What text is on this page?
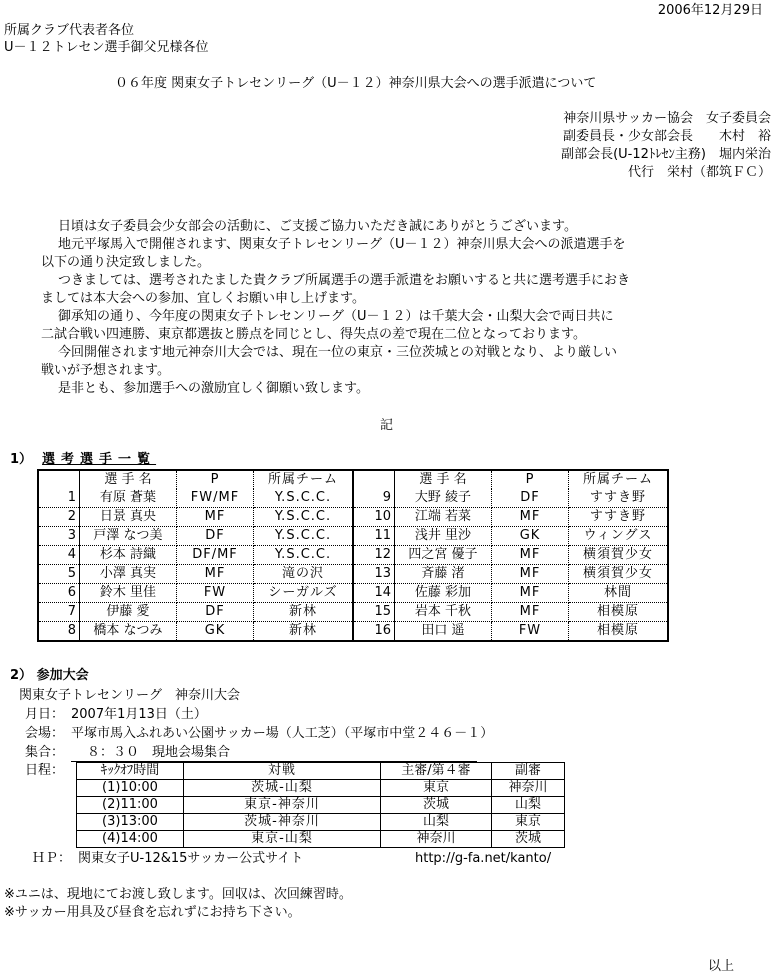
2006年12月29日
所属クラブ代表者各位
U－１２トレセン選手御父兄様各位
０６年度 関東女子トレセンリーグ（U－１２）神奈川県大会への選手派遣について
神奈川県サッカー協会　女子委員会
副委員長・少女部会長　　木村　裕
副部会長(U-12ﾄﾚｾﾝ主務)　堀内栄治
代行　栄村（都筑ＦＣ）
日頃は女子委員会少女部会の活動に、ご支援ご協力いただき誠にありがとうございます。
地元平塚馬入で開催されます、関東女子トレセンリーグ（U－１２）神奈川県大会への派遣選手を
以下の通り決定致しました。
つきましては、選考されたました貴クラブ所属選手の選手派遣をお願いすると共に選考選手におき
ましては本大会への参加、宜しくお願い申し上げます。
御承知の通り、今年度の関東女子トレセンリーグ（U－１２）は千葉大会・山梨大会で両日共に
二試合戦い四連勝、東京都選抜と勝点を同じとし、得失点の差で現在二位となっております。
今回開催されます地元神奈川大会では、現在一位の東京・三位茨城との対戦となり、より厳しい
戦いが予想されます。
是非とも、参加選手への激励宜しく御願い致します。
記
1） 選考選手一覧
	選 手 名	P	所属チーム		選 手 名	P	所属チーム
1	有原 蒼葉	FW/MF	Y.S.C.C.	9	大野 綾子	DF	すすき野
2	日景 真央	MF	Y.S.C.C.	10	江端 若菜	MF	すすき野
3	戸澤 なつ美	DF	Y.S.C.C.	11	浅井 里沙	GK	ウィングス
4	杉本 詩織	DF/MF	Y.S.C.C.	12	四之宮 優子	MF	横須賀少女
5	小澤 真実	MF	滝の沢	13	斉藤 渚	MF	横須賀少女
6	鈴木 里佳	FW	シーガルズ	14	佐藤 彩加	MF	林間
7	伊藤 愛	DF	新林	15	岩本 千秋	MF	相模原
8	橋本 なつみ	GK	新林	16	田口 遥	FW	相模原
2） 参加大会
関東女子トレセンリーグ　神奈川大会
月日： 2007年1月13日（土）
会場： 平塚市馬入ふれあい公園サッカー場（人工芝）（平塚市中堂２４６－１）
集合： ８：３０　現地会場集合
日程：	ｷｯｸｵﾌ時間	対戦	主審/第４審	副審
(1)10:00	茨城-山梨	東京	神奈川
(2)11:00	東京-神奈川	茨城	山梨
(3)13:00	茨城-神奈川	山梨	東京
(4)14:00	東京-山梨	神奈川	茨城
ＨＰ： 関東女子U-12&15サッカー公式サイト	http://g-fa.net/kanto/
※ユニは、現地にてお渡し致します。回収は、次回練習時。
※サッカー用具及び昼食を忘れずにお持ち下さい。
以上
